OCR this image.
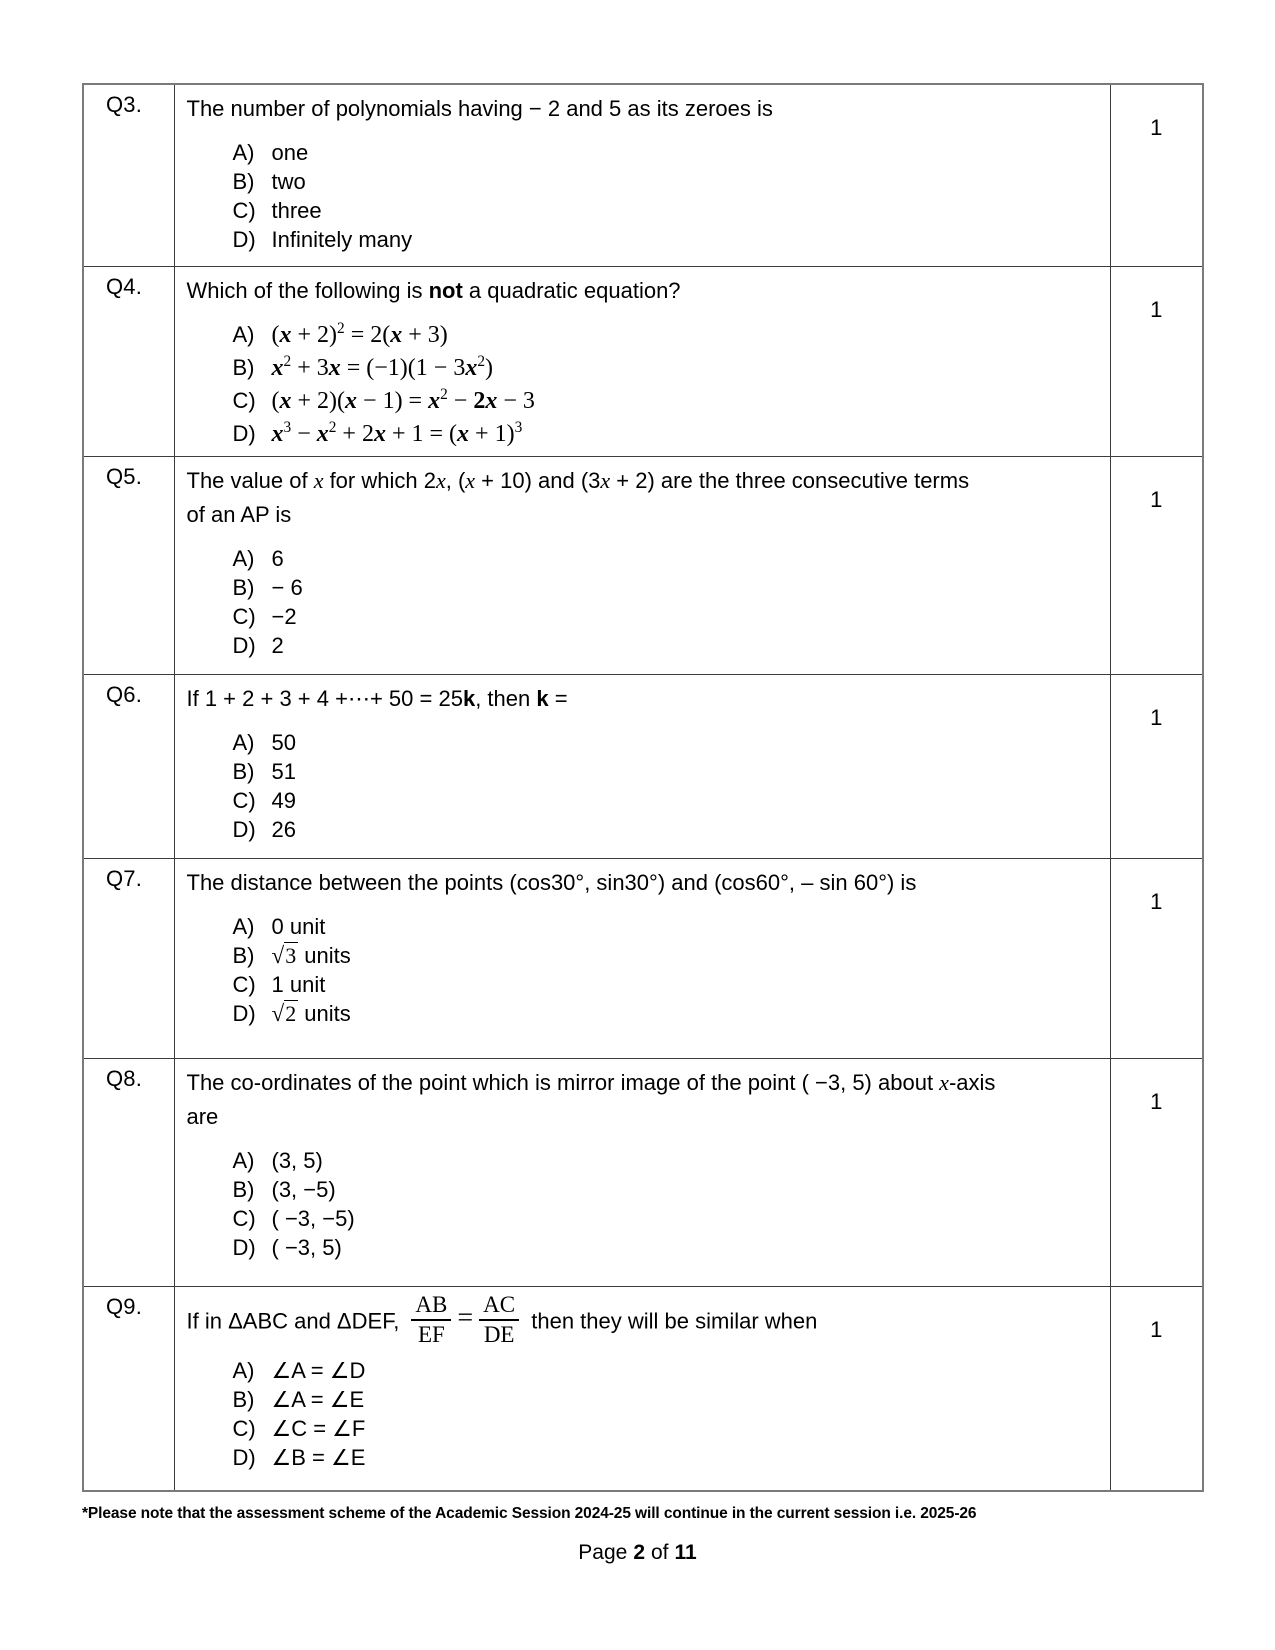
Q3.	The number of polynomials having − 2 and 5 as its zeroes is
A) one
B) two
C) three
D) Infinitely many
	1
Q4.	Which of the following is not a quadratic equation?
A) $(x + 2)^2 = 2(x + 3)$
B) $x^2 + 3x = (-1)(1 - 3x^2)$
C) $(x + 2)(x - 1) = x^2 - 2x - 3$
D) $x^3 - x^2 + 2x + 1 = (x + 1)^3$
	1
Q5.	The value of x for which 2x, (x + 10) and (3x + 2) are the three consecutive terms
of an AP is
A) 6
B) − 6
C) −2
D) 2
	1
Q6.	If 1 + 2 + 3 + 4 +⋯+ 50 = 25k, then k =
A) 50
B) 51
C) 49
D) 26
	1
Q7.	The distance between the points (cos30°, sin30°) and (cos60°, – sin 60°) is
A) 0 unit
B) √3 units
C) 1 unit
D) √2 units
	1
Q8.	The co-ordinates of the point which is mirror image of the point ( −3, 5) about x-axis
are
A) (3, 5)
B) (3, −5)
C) ( −3, −5)
D) ( −3, 5)
	1
Q9.	
If in ΔABC and ΔDEF, $\frac{AB}{EF} = \frac{AC}{DE}$ then they will be similar when
A) ∠A = ∠D
B) ∠A = ∠E
C) ∠C = ∠F
D) ∠B = ∠E
	1
*Please note that the assessment scheme of the Academic Session 2024-25 will continue in the current session i.e. 2025-26
Page 2 of 11
